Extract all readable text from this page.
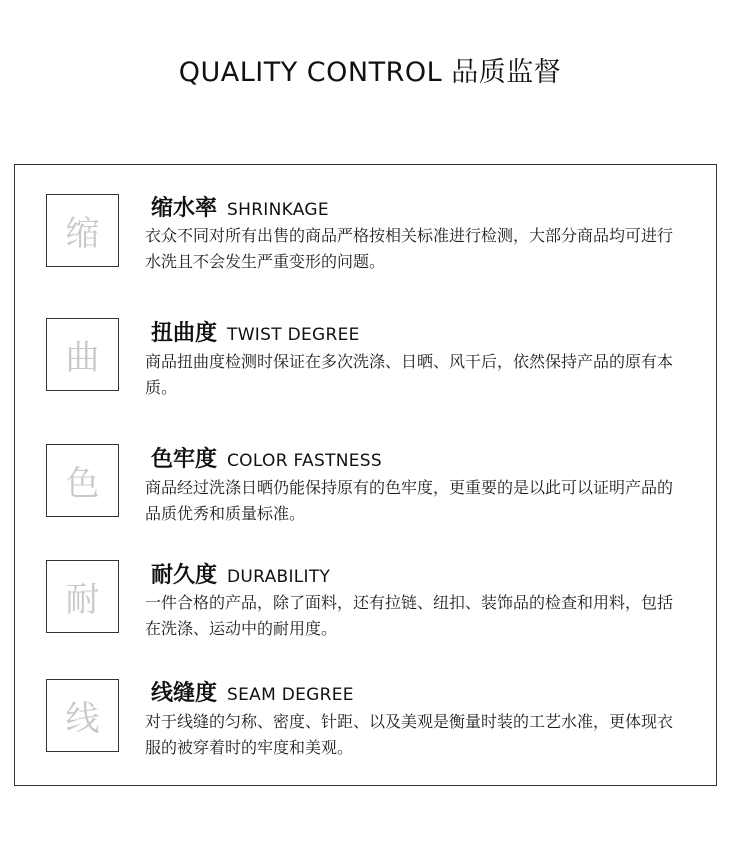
QUALITY CONTROL 品质监督
缩
缩水率 SHRINKAGE
衣众不同对所有出售的商品严格按相关标准进行检测，大部分商品均可进行水洗且不会发生严重变形的问题。
曲
扭曲度 TWIST DEGREE
商品扭曲度检测时保证在多次洗涤、日晒、风干后，依然保持产品的原有本质。
色
色牢度 COLOR FASTNESS
商品经过洗涤日晒仍能保持原有的色牢度，更重要的是以此可以证明产品的品质优秀和质量标准。
耐
耐久度 DURABILITY
一件合格的产品，除了面料，还有拉链、纽扣、装饰品的检查和用料，包括在洗涤、运动中的耐用度。
线
线缝度 SEAM DEGREE
对于线缝的匀称、密度、针距、以及美观是衡量时装的工艺水准，更体现衣服的被穿着时的牢度和美观。
